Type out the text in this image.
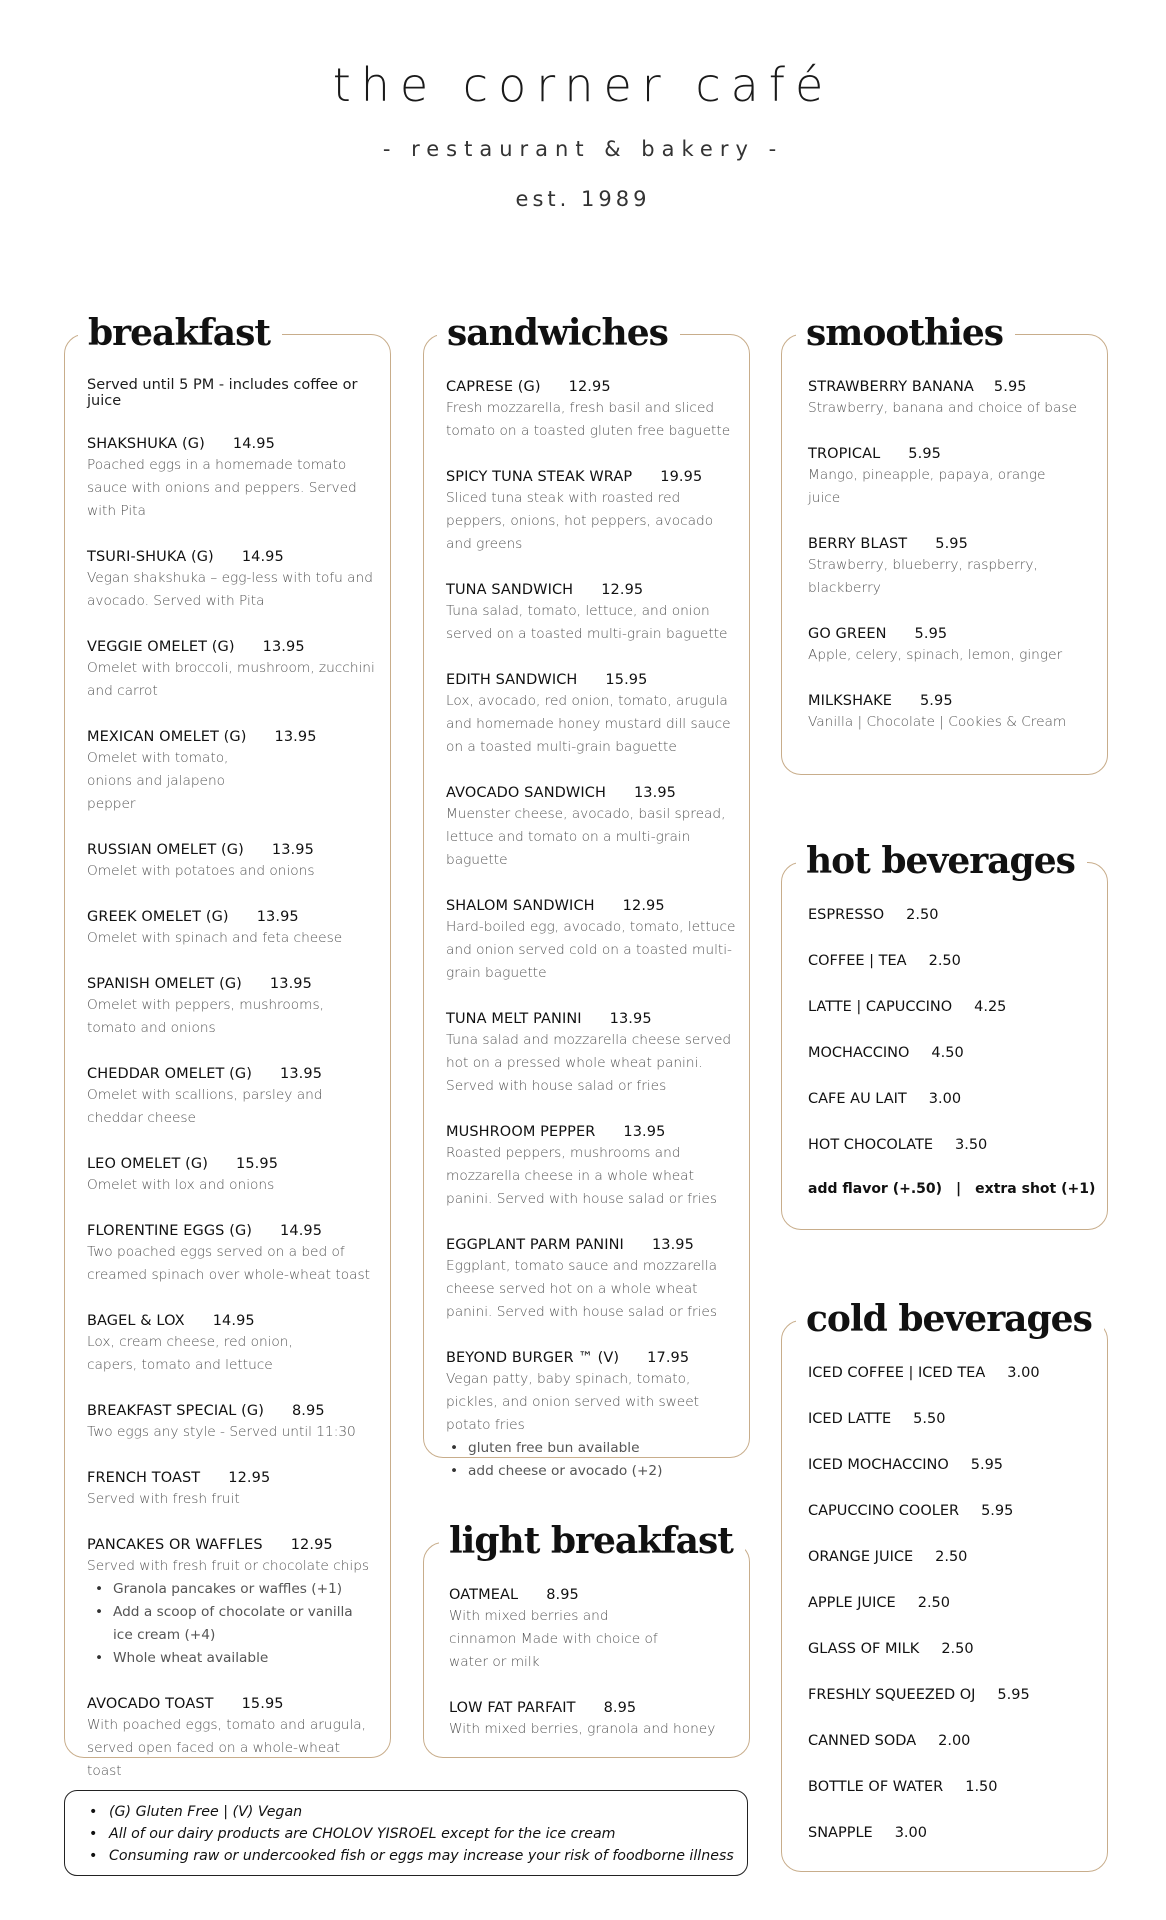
the corner café
- restaurant & bakery -
est. 1989
breakfast
Served until 5 PM - includes coffee or juice
SHAKSHUKA (G) 14.95
Poached eggs in a homemade tomato sauce with onions and peppers. Served with Pita
TSURI-SHUKA (G) 14.95
Vegan shakshuka – egg-less with tofu and avocado. Served with Pita
VEGGIE OMELET (G) 13.95
Omelet with broccoli, mushroom, zucchini and carrot
MEXICAN OMELET (G) 13.95
Omelet with tomato, onions and jalapeno pepper
RUSSIAN OMELET (G) 13.95
Omelet with potatoes and onions
GREEK OMELET (G) 13.95
Omelet with spinach and feta cheese
SPANISH OMELET (G) 13.95
Omelet with peppers, mushrooms, tomato and onions
CHEDDAR OMELET (G) 13.95
Omelet with scallions, parsley and cheddar cheese
LEO OMELET (G) 15.95
Omelet with lox and onions
FLORENTINE EGGS (G) 14.95
Two poached eggs served on a bed of creamed spinach over whole-wheat toast
BAGEL & LOX 14.95
Lox, cream cheese, red onion, capers, tomato and lettuce
BREAKFAST SPECIAL (G) 8.95
Two eggs any style - Served until 11:30
FRENCH TOAST 12.95
Served with fresh fruit
PANCAKES OR WAFFLES 12.95
Served with fresh fruit or chocolate chips
• Granola pancakes or waffles (+1)
• Add a scoop of chocolate or vanilla ice cream (+4)
• Whole wheat available
AVOCADO TOAST 15.95
With poached eggs, tomato and arugula, served open faced on a whole-wheat toast
sandwiches
CAPRESE (G) 12.95
Fresh mozzarella, fresh basil and sliced tomato on a toasted gluten free baguette
SPICY TUNA STEAK WRAP 19.95
Sliced tuna steak with roasted red peppers, onions, hot peppers, avocado and greens
TUNA SANDWICH 12.95
Tuna salad, tomato, lettuce, and onion served on a toasted multi-grain baguette
EDITH SANDWICH 15.95
Lox, avocado, red onion, tomato, arugula and homemade honey mustard dill sauce on a toasted multi-grain baguette
AVOCADO SANDWICH 13.95
Muenster cheese, avocado, basil spread, lettuce and tomato on a multi-grain baguette
SHALOM SANDWICH 12.95
Hard-boiled egg, avocado, tomato, lettuce and onion served cold on a toasted multi-grain baguette
TUNA MELT PANINI 13.95
Tuna salad and mozzarella cheese served hot on a pressed whole wheat panini. Served with house salad or fries
MUSHROOM PEPPER 13.95
Roasted peppers, mushrooms and mozzarella cheese in a whole wheat panini. Served with house salad or fries
EGGPLANT PARM PANINI 13.95
Eggplant, tomato sauce and mozzarella cheese served hot on a whole wheat panini. Served with house salad or fries
BEYOND BURGER ™ (V) 17.95
Vegan patty, baby spinach, tomato, pickles, and onion served with sweet potato fries
• gluten free bun available
• add cheese or avocado (+2)
light breakfast
OATMEAL 8.95
With mixed berries and cinnamon Made with choice of water or milk
LOW FAT PARFAIT 8.95
With mixed berries, granola and honey
smoothies
STRAWBERRY BANANA 5.95
Strawberry, banana and choice of base
TROPICAL 5.95
Mango, pineapple, papaya, orange juice
BERRY BLAST 5.95
Strawberry, blueberry, raspberry, blackberry
GO GREEN 5.95
Apple, celery, spinach, lemon, ginger
MILKSHAKE 5.95
Vanilla | Chocolate | Cookies & Cream
hot beverages
ESPRESSO 2.50
COFFEE | TEA 2.50
LATTE | CAPUCCINO 4.25
MOCHACCINO 4.50
CAFE AU LAIT 3.00
HOT CHOCOLATE 3.50
add flavor (+.50) | extra shot (+1)
cold beverages
ICED COFFEE | ICED TEA 3.00
ICED LATTE 5.50
ICED MOCHACCINO 5.95
CAPUCCINO COOLER 5.95
ORANGE JUICE 2.50
APPLE JUICE 2.50
GLASS OF MILK 2.50
FRESHLY SQUEEZED OJ 5.95
CANNED SODA 2.00
BOTTLE OF WATER 1.50
SNAPPLE 3.00
• (G) Gluten Free | (V) Vegan
• All of our dairy products are CHOLOV YISROEL except for the ice cream
• Consuming raw or undercooked fish or eggs may increase your risk of foodborne illness
